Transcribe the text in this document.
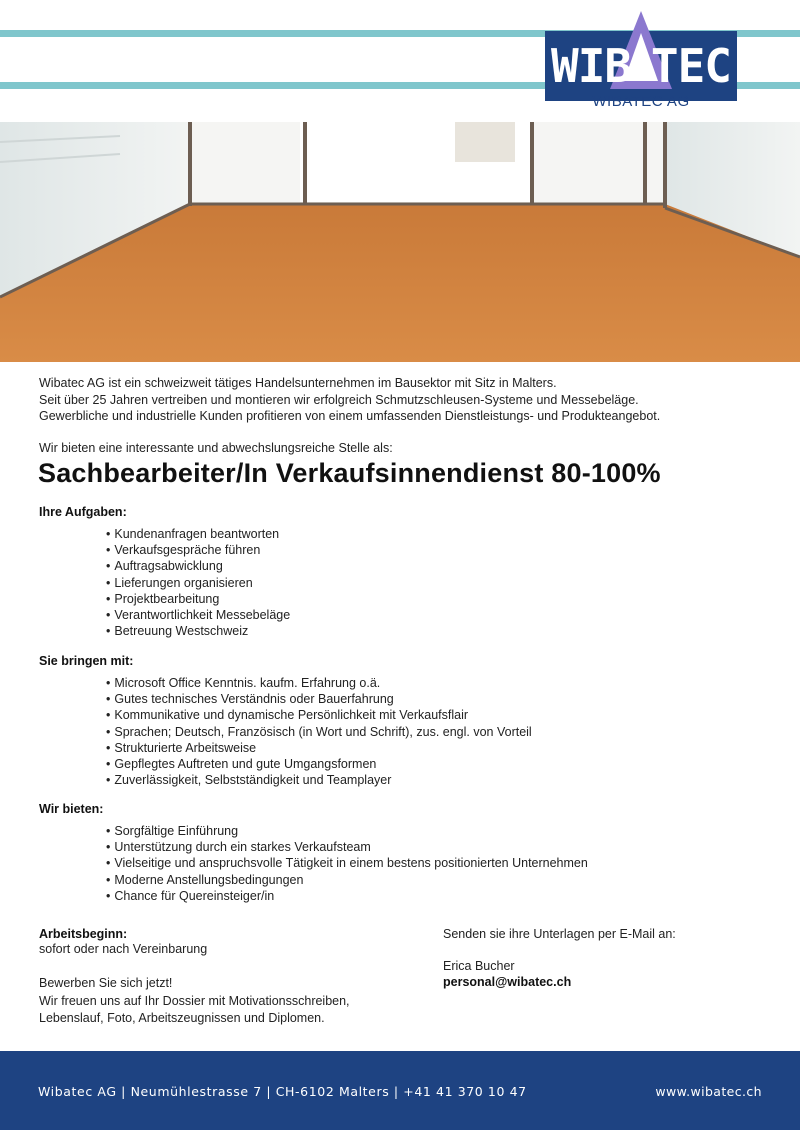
WIB TEC
WIBATEC AG

Wibatec AG ist ein schweizweit tätiges Handelsunternehmen im Bausektor mit Sitz in Malters.

Seit über 25 Jahren vertreiben und montieren wir erfolgreich Schmutzschleusen-Systeme und Messebeläge.

Gewerbliche und industrielle Kunden profitieren von einem umfassenden Dienstleistungs- und Produkteangebot.

Wir bieten eine interessante und abwechslungsreiche Stelle als:
Sachbearbeiter/In Verkaufsinnendienst 80-100%
Ihre Aufgaben:
• Kundenanfragen beantworten
• Verkaufsgespräche führen
• Auftragsabwicklung
• Lieferungen organisieren
• Projektbearbeitung
• Verantwortlichkeit Messebeläge
• Betreuung Westschweiz
Sie bringen mit:
• Microsoft Office Kenntnis. kaufm. Erfahrung o.ä.
• Gutes technisches Verständnis oder Bauerfahrung
• Kommunikative und dynamische Persönlichkeit mit Verkaufsflair
• Sprachen; Deutsch, Französisch (in Wort und Schrift), zus. engl. von Vorteil
• Strukturierte Arbeitsweise
• Gepflegtes Auftreten und gute Umgangsformen
• Zuverlässigkeit, Selbstständigkeit und Teamplayer
Wir bieten:
• Sorgfältige Einführung
• Unterstützung durch ein starkes Verkaufsteam
• Vielseitige und anspruchsvolle Tätigkeit in einem bestens positionierten Unternehmen
• Moderne Anstellungsbedingungen
• Chance für Quereinsteiger/in
Arbeitsbeginn:
sofort oder nach Vereinbarung
Bewerben Sie sich jetzt!

Wir freuen uns auf Ihr Dossier mit Motivationsschreiben, Lebenslauf, Foto, Arbeitszeugnissen und Diplomen.

Senden sie ihre Unterlagen per E-Mail an:
Erica Bucher
personal@wibatec.ch
Wibatec AG | Neumühlestrasse 7 | CH-6102 Malters | +41 41 370 10 47	www.wibatec.ch
